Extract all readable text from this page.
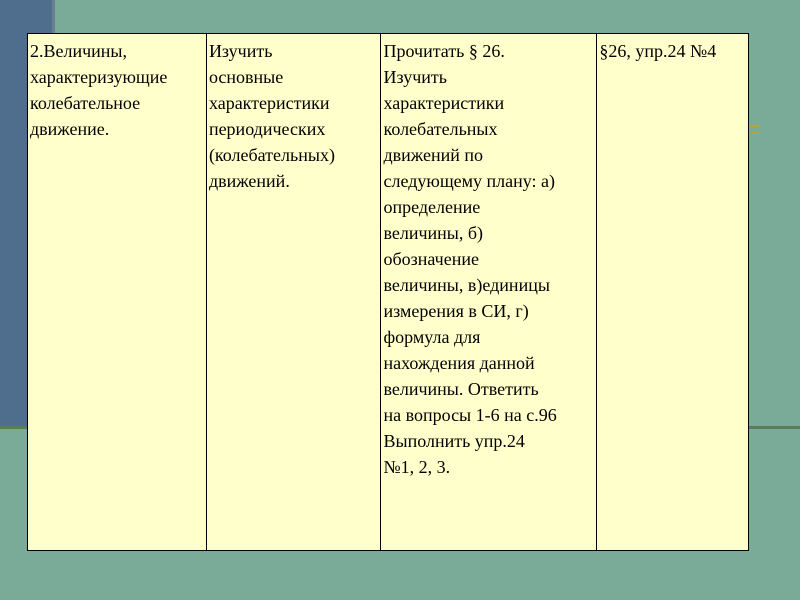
2.Величины,
характеризующие
колебательное
движение.	Изучить
основные
характеристики
периодических
(колебательных)
движений.	Прочитать § 26.
Изучить
характеристики
колебательных
движений по
следующему плану: а)
определение
величины, б)
обозначение
величины, в)единицы
измерения в СИ, г)
формула для
нахождения данной
величины. Ответить
на вопросы 1-6 на с.96
Выполнить упр.24
№1, 2, 3.	§26, упр.24 №4
